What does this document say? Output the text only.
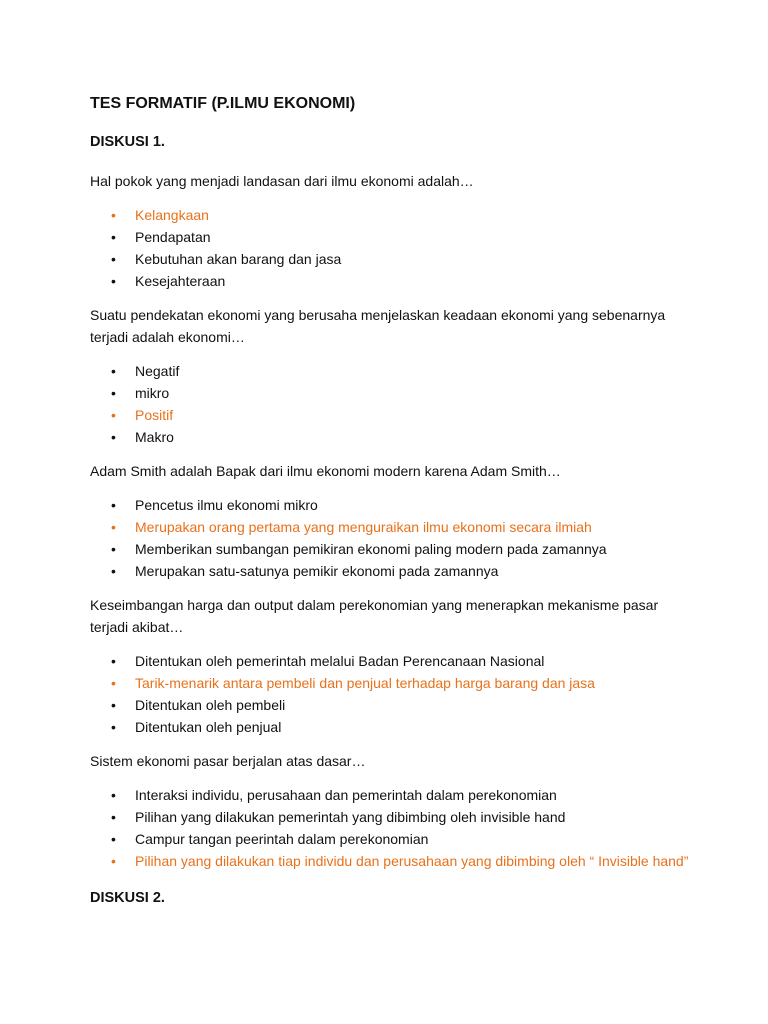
TES FORMATIF (P.ILMU EKONOMI)
DISKUSI 1.
Hal pokok yang menjadi landasan dari ilmu ekonomi adalah…
• Kelangkaan
• Pendapatan
• Kebutuhan akan barang dan jasa
• Kesejahteraan
Suatu pendekatan ekonomi yang berusaha menjelaskan keadaan ekonomi yang sebenarnya terjadi adalah ekonomi…
• Negatif
• mikro
• Positif
• Makro
Adam Smith adalah Bapak dari ilmu ekonomi modern karena Adam Smith…
• Pencetus ilmu ekonomi mikro
• Merupakan orang pertama yang menguraikan ilmu ekonomi secara ilmiah
• Memberikan sumbangan pemikiran ekonomi paling modern pada zamannya
• Merupakan satu-satunya pemikir ekonomi pada zamannya
Keseimbangan harga dan output dalam perekonomian yang menerapkan mekanisme pasar terjadi akibat…
• Ditentukan oleh pemerintah melalui Badan Perencanaan Nasional
• Tarik-menarik antara pembeli dan penjual terhadap harga barang dan jasa
• Ditentukan oleh pembeli
• Ditentukan oleh penjual
Sistem ekonomi pasar berjalan atas dasar…
• Interaksi individu, perusahaan dan pemerintah dalam perekonomian
• Pilihan yang dilakukan pemerintah yang dibimbing oleh invisible hand
• Campur tangan peerintah dalam perekonomian
• Pilihan yang dilakukan tiap individu dan perusahaan yang dibimbing oleh “ Invisible hand”
DISKUSI 2.
